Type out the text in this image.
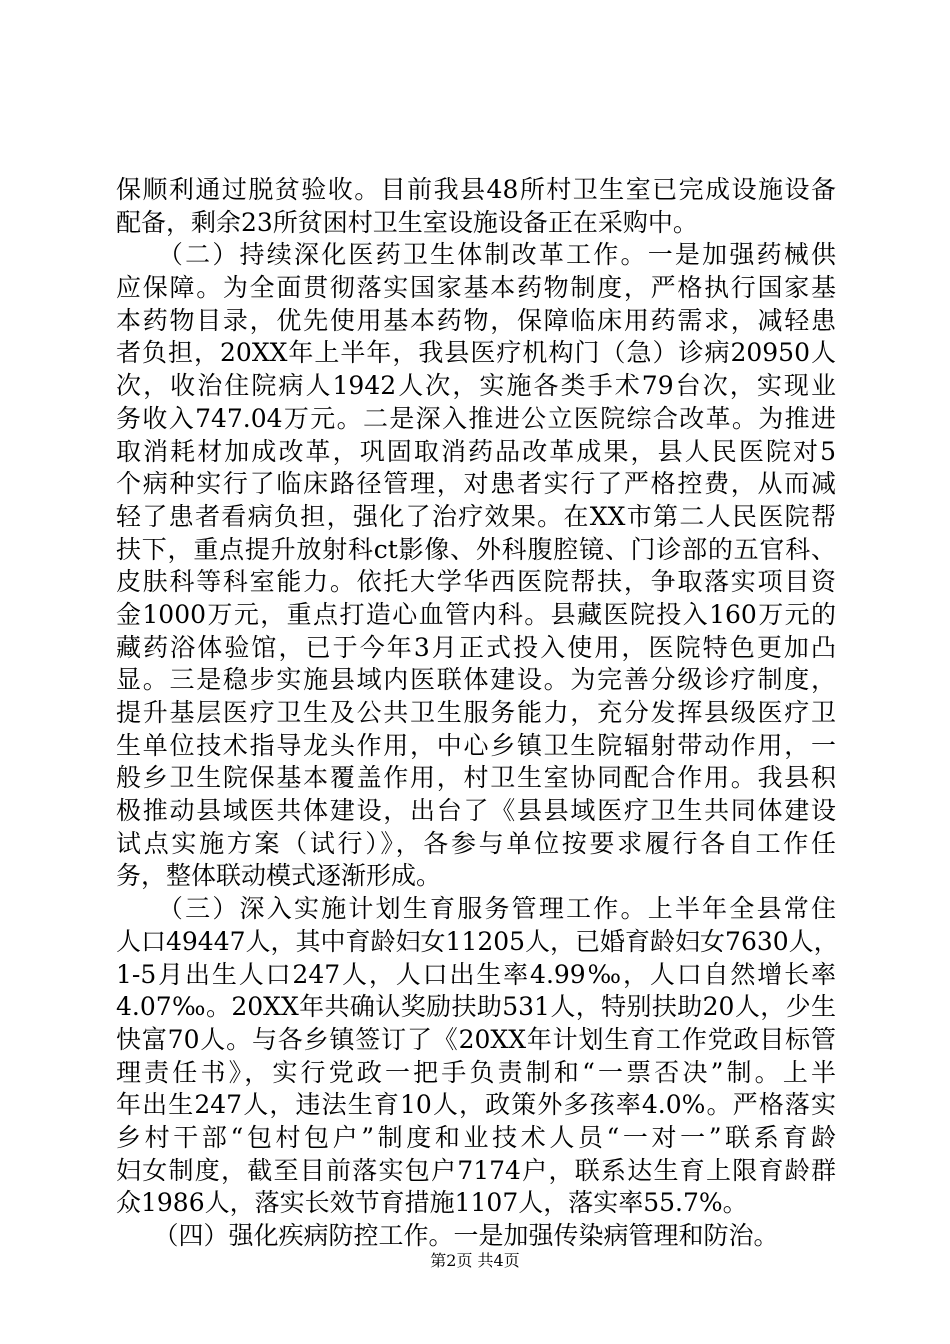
保顺利通过脱贫验收。目前我县48所村卫生室已完成设施设备
配备，剩余23所贫困村卫生室设施设备正在采购中。
　　（二）持续深化医药卫生体制改革工作。一是加强药械供
应保障。为全面贯彻落实国家基本药物制度，严格执行国家基
本药物目录，优先使用基本药物，保障临床用药需求，减轻患
者负担，20XX年上半年，我县医疗机构门（急）诊病20950人
次，收治住院病人1942人次，实施各类手术79台次，实现业
务收入747.04万元。二是深入推进公立医院综合改革。为推进
取消耗材加成改革，巩固取消药品改革成果，县人民医院对5
个病种实行了临床路径管理，对患者实行了严格控费，从而减
轻了患者看病负担，强化了治疗效果。在XX市第二人民医院帮
扶下，重点提升放射科ct影像、外科腹腔镜、门诊部的五官科、
皮肤科等科室能力。依托大学华西医院帮扶，争取落实项目资
金1000万元，重点打造心血管内科。县藏医院投入160万元的
藏药浴体验馆，已于今年3月正式投入使用，医院特色更加凸
显。三是稳步实施县域内医联体建设。为完善分级诊疗制度，
提升基层医疗卫生及公共卫生服务能力，充分发挥县级医疗卫
生单位技术指导龙头作用，中心乡镇卫生院辐射带动作用，一
般乡卫生院保基本覆盖作用，村卫生室协同配合作用。我县积
极推动县域医共体建设，出台了《县县域医疗卫生共同体建设
试点实施方案（试行）》，各参与单位按要求履行各自工作任
务，整体联动模式逐渐形成。
　　（三）深入实施计划生育服务管理工作。上半年全县常住
人口49447人，其中育龄妇女11205人，已婚育龄妇女7630人，
1-5月出生人口247人，人口出生率4.99‰，人口自然增长率
4.07‰。20XX年共确认奖励扶助531人，特别扶助20人，少生
快富70人。与各乡镇签订了《20XX年计划生育工作党政目标管
理责任书》，实行党政一把手负责制和“一票否决”制。上半
年出生247人，违法生育10人，政策外多孩率4.0%。严格落实
乡村干部“包村包户”制度和业技术人员“一对一”联系育龄
妇女制度，截至目前落实包户7174户，联系达生育上限育龄群
众1986人，落实长效节育措施1107人，落实率55.7%。
　　（四）强化疾病防控工作。一是加强传染病管理和防治。
第2页 共4页
